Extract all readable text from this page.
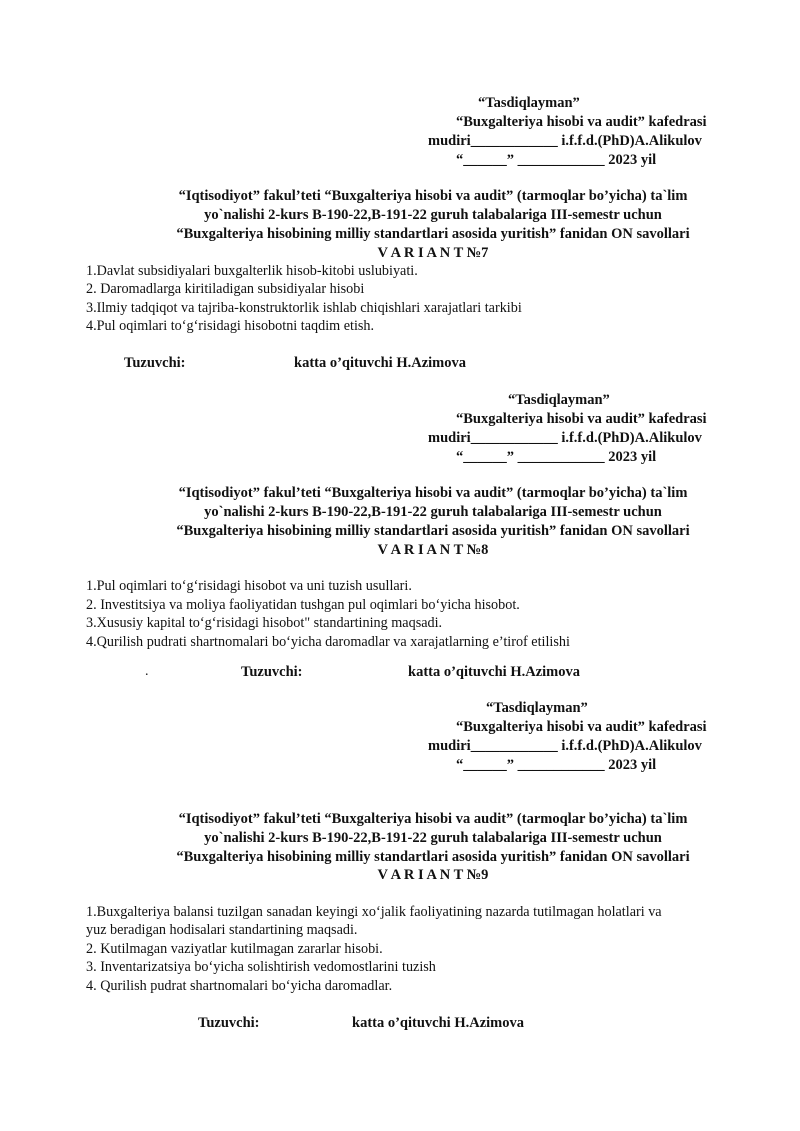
“Tasdiqlayman”
“Buxgalteriya hisobi va audit” kafedrasi
mudiri____________ i.f.f.d.(PhD)A.Alikulov
“______” ____________ 2023 yil
“Iqtisodiyot” fakul’teti “Buxgalteriya hisobi va audit” (tarmoqlar bo’yicha) ta`lim
yo`nalishi 2-kurs B-190-22,B-191-22 guruh talabalariga III-semestr uchun
“Buxgalteriya hisobining milliy standartlari asosida yuritish” fanidan ON savollari
V A R I A N T №7
1.Davlat subsidiyalari buxgalterlik hisob-kitobi uslubiyati.
2. Daromadlarga kiritiladigan subsidiyalar hisobi
3.Ilmiy tadqiqot va tajriba-konstruktorlik ishlab chiqishlari xarajatlari tarkibi
4.Pul oqimlari to‘g‘risidagi hisobotni taqdim etish.
Tuzuvchi:	katta o’qituvchi H.Azimova
“Tasdiqlayman”
“Buxgalteriya hisobi va audit” kafedrasi
mudiri____________ i.f.f.d.(PhD)A.Alikulov
“______” ____________ 2023 yil
“Iqtisodiyot” fakul’teti “Buxgalteriya hisobi va audit” (tarmoqlar bo’yicha) ta`lim
yo`nalishi 2-kurs B-190-22,B-191-22 guruh talabalariga III-semestr uchun
“Buxgalteriya hisobining milliy standartlari asosida yuritish” fanidan ON savollari
V A R I A N T №8
1.Pul oqimlari to‘g‘risidagi hisobot va uni tuzish usullari.
2. Investitsiya va moliya faoliyatidan tushgan pul oqimlari bo‘yicha hisobot.
3.Xususiy kapital to‘g‘risidagi hisobot" standartining maqsadi.
4.Qurilish pudrati shartnomalari bo‘yicha daromadlar va xarajatlarning e’tirof etilishi
.	Tuzuvchi:	katta o’qituvchi H.Azimova
“Tasdiqlayman”
“Buxgalteriya hisobi va audit” kafedrasi
mudiri____________ i.f.f.d.(PhD)A.Alikulov
“______” ____________ 2023 yil
“Iqtisodiyot” fakul’teti “Buxgalteriya hisobi va audit” (tarmoqlar bo’yicha) ta`lim
yo`nalishi 2-kurs B-190-22,B-191-22 guruh talabalariga III-semestr uchun
“Buxgalteriya hisobining milliy standartlari asosida yuritish” fanidan ON savollari
V A R I A N T №9
1.Buxgalteriya balansi tuzilgan sanadan keyingi xo‘jalik faoliyatining nazarda tutilmagan holatlari va
yuz beradigan hodisalari standartining maqsadi.
2. Kutilmagan vaziyatlar kutilmagan zararlar hisobi.
3. Inventarizatsiya bo‘yicha solishtirish vedomostlarini tuzish
4. Qurilish pudrat shartnomalari bo‘yicha daromadlar.
Tuzuvchi:	katta o’qituvchi H.Azimova
